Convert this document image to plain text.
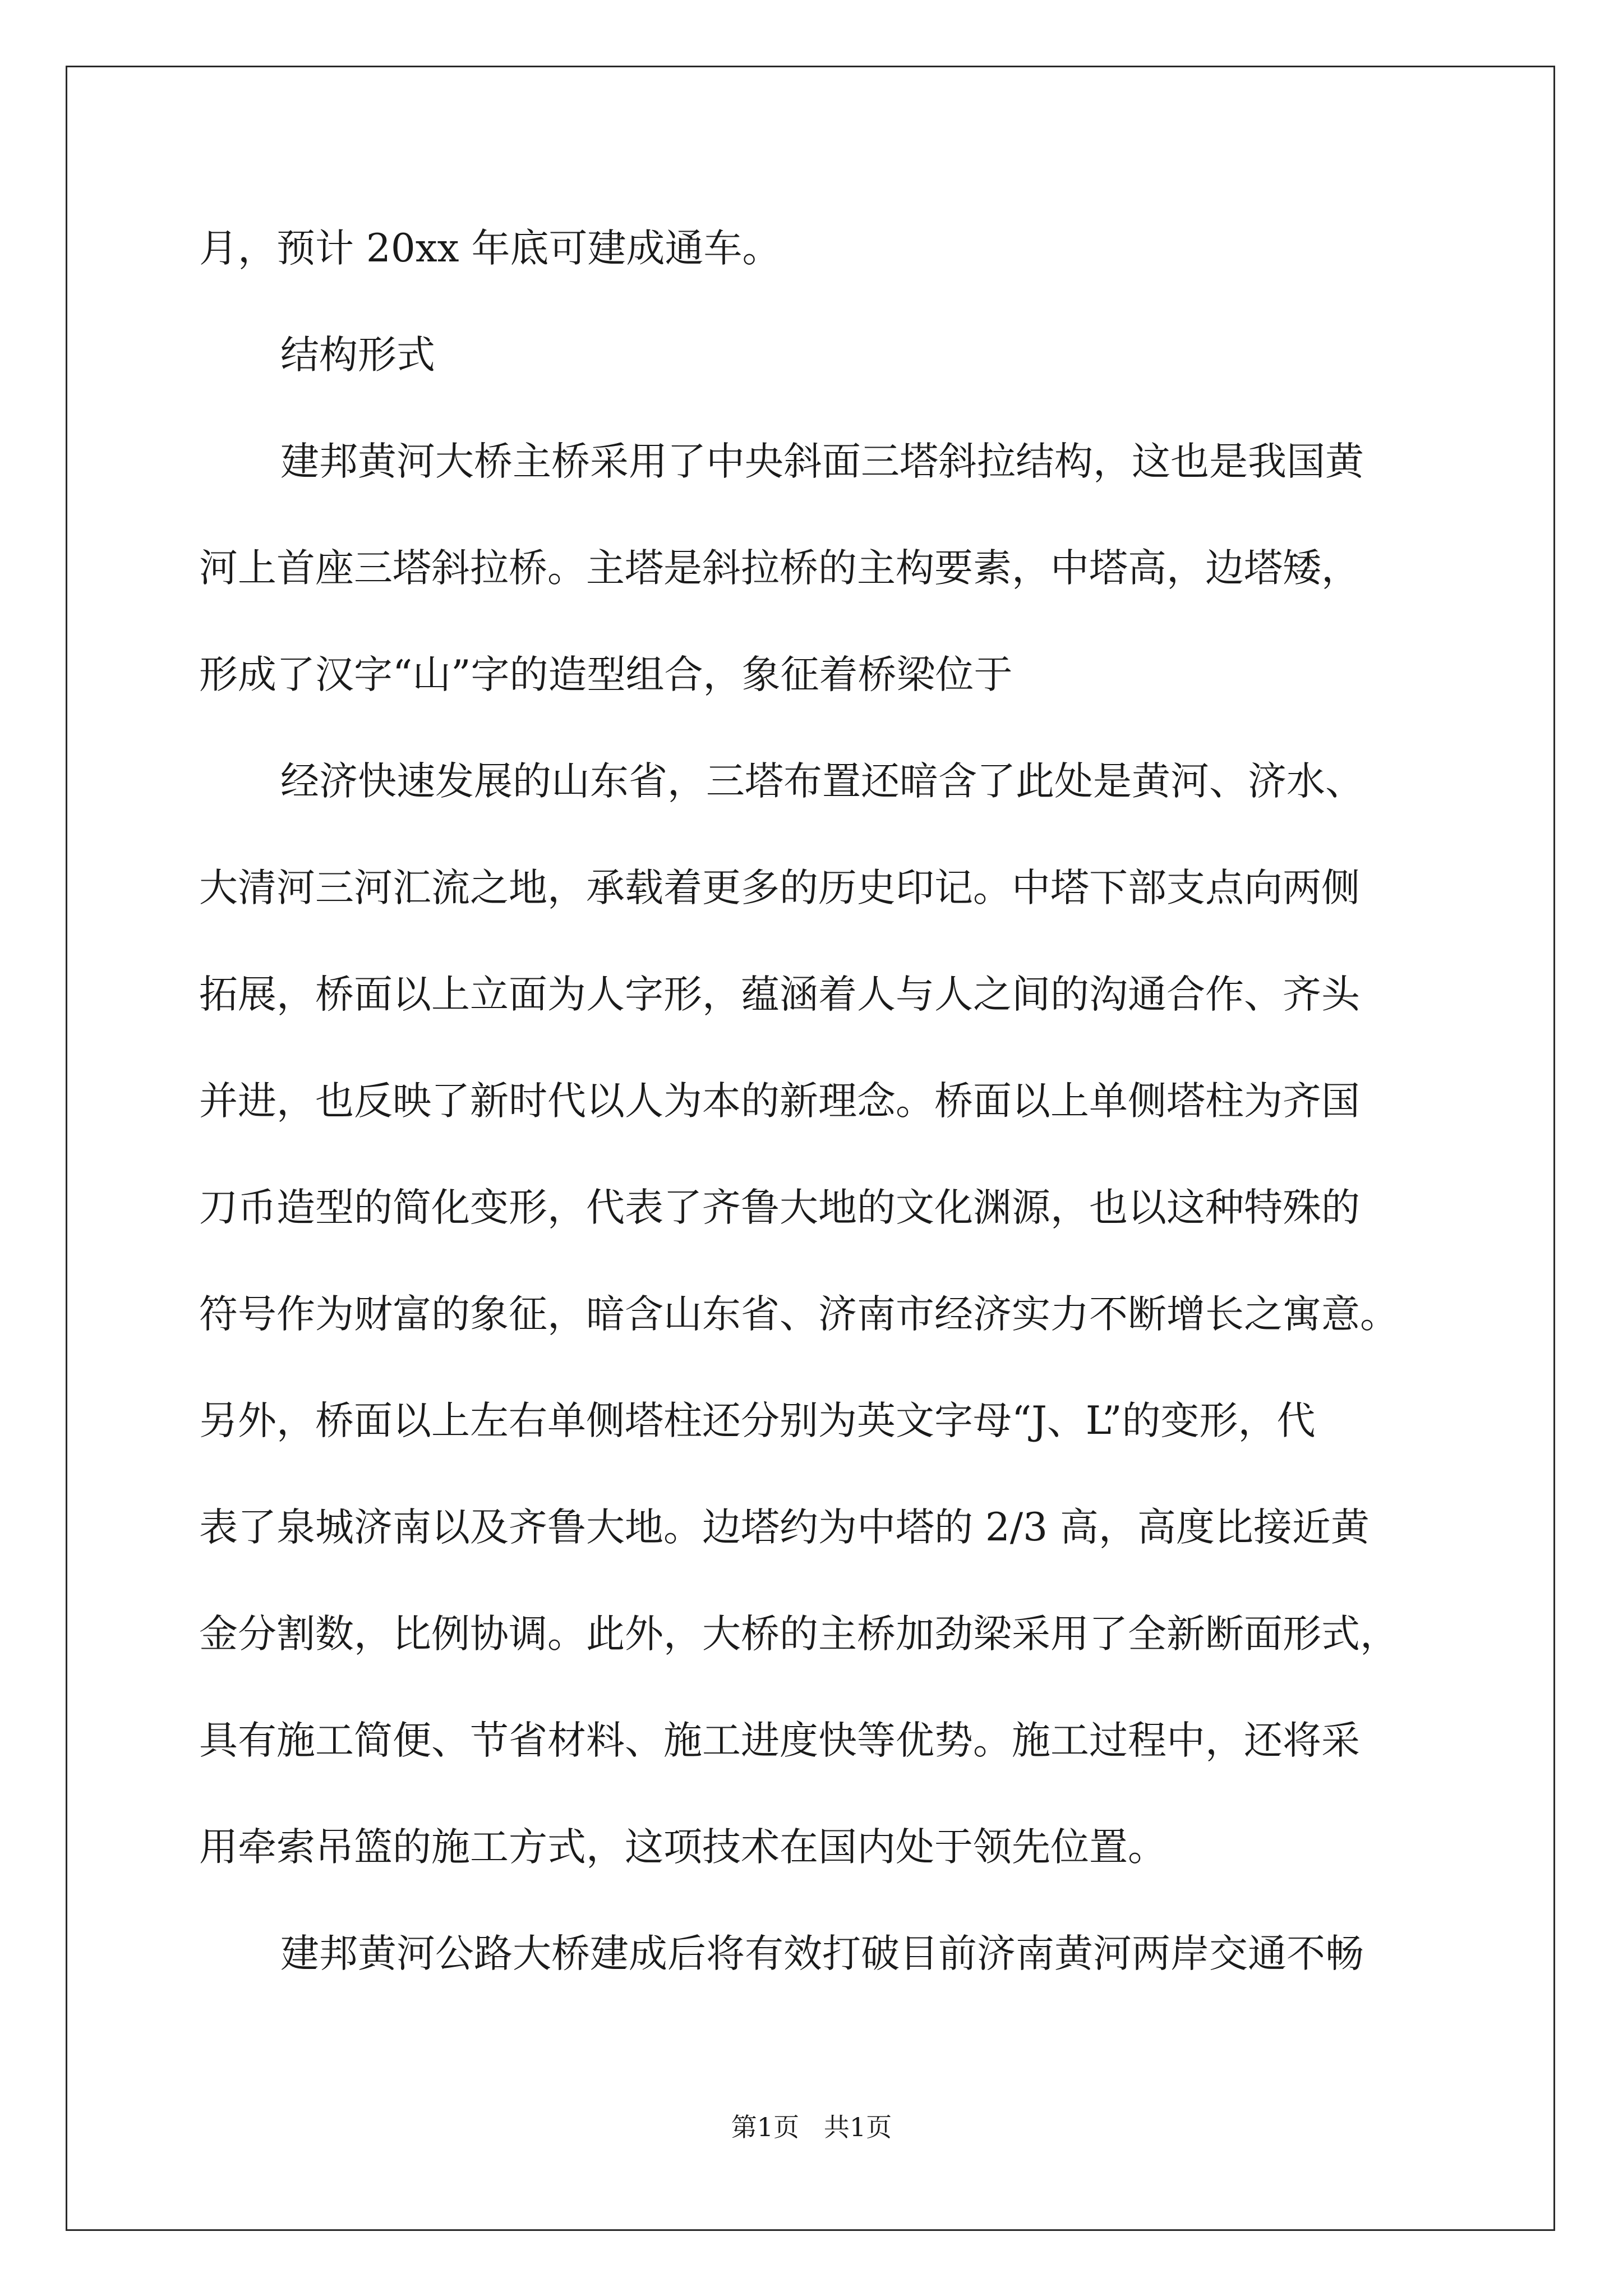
月，预计 20xx 年底可建成通车。
结构形式
建邦黄河大桥主桥采用了中央斜面三塔斜拉结构，这也是我国黄
河上首座三塔斜拉桥。主塔是斜拉桥的主构要素，中塔高，边塔矮，
形成了汉字“山”字的造型组合，象征着桥梁位于
经济快速发展的山东省，三塔布置还暗含了此处是黄河、济水、
大清河三河汇流之地，承载着更多的历史印记。中塔下部支点向两侧
拓展，桥面以上立面为人字形，蕴涵着人与人之间的沟通合作、齐头
并进，也反映了新时代以人为本的新理念。桥面以上单侧塔柱为齐国
刀币造型的简化变形，代表了齐鲁大地的文化渊源，也以这种特殊的
符号作为财富的象征，暗含山东省、济南市经济实力不断增长之寓意。
另外，桥面以上左右单侧塔柱还分别为英文字母“J、L”的变形，代
表了泉城济南以及齐鲁大地。边塔约为中塔的 2/3 高，高度比接近黄
金分割数，比例协调。此外，大桥的主桥加劲梁采用了全新断面形式，
具有施工简便、节省材料、施工进度快等优势。施工过程中，还将采
用牵索吊篮的施工方式，这项技术在国内处于领先位置。
建邦黄河公路大桥建成后将有效打破目前济南黄河两岸交通不畅
第1页   共1页
